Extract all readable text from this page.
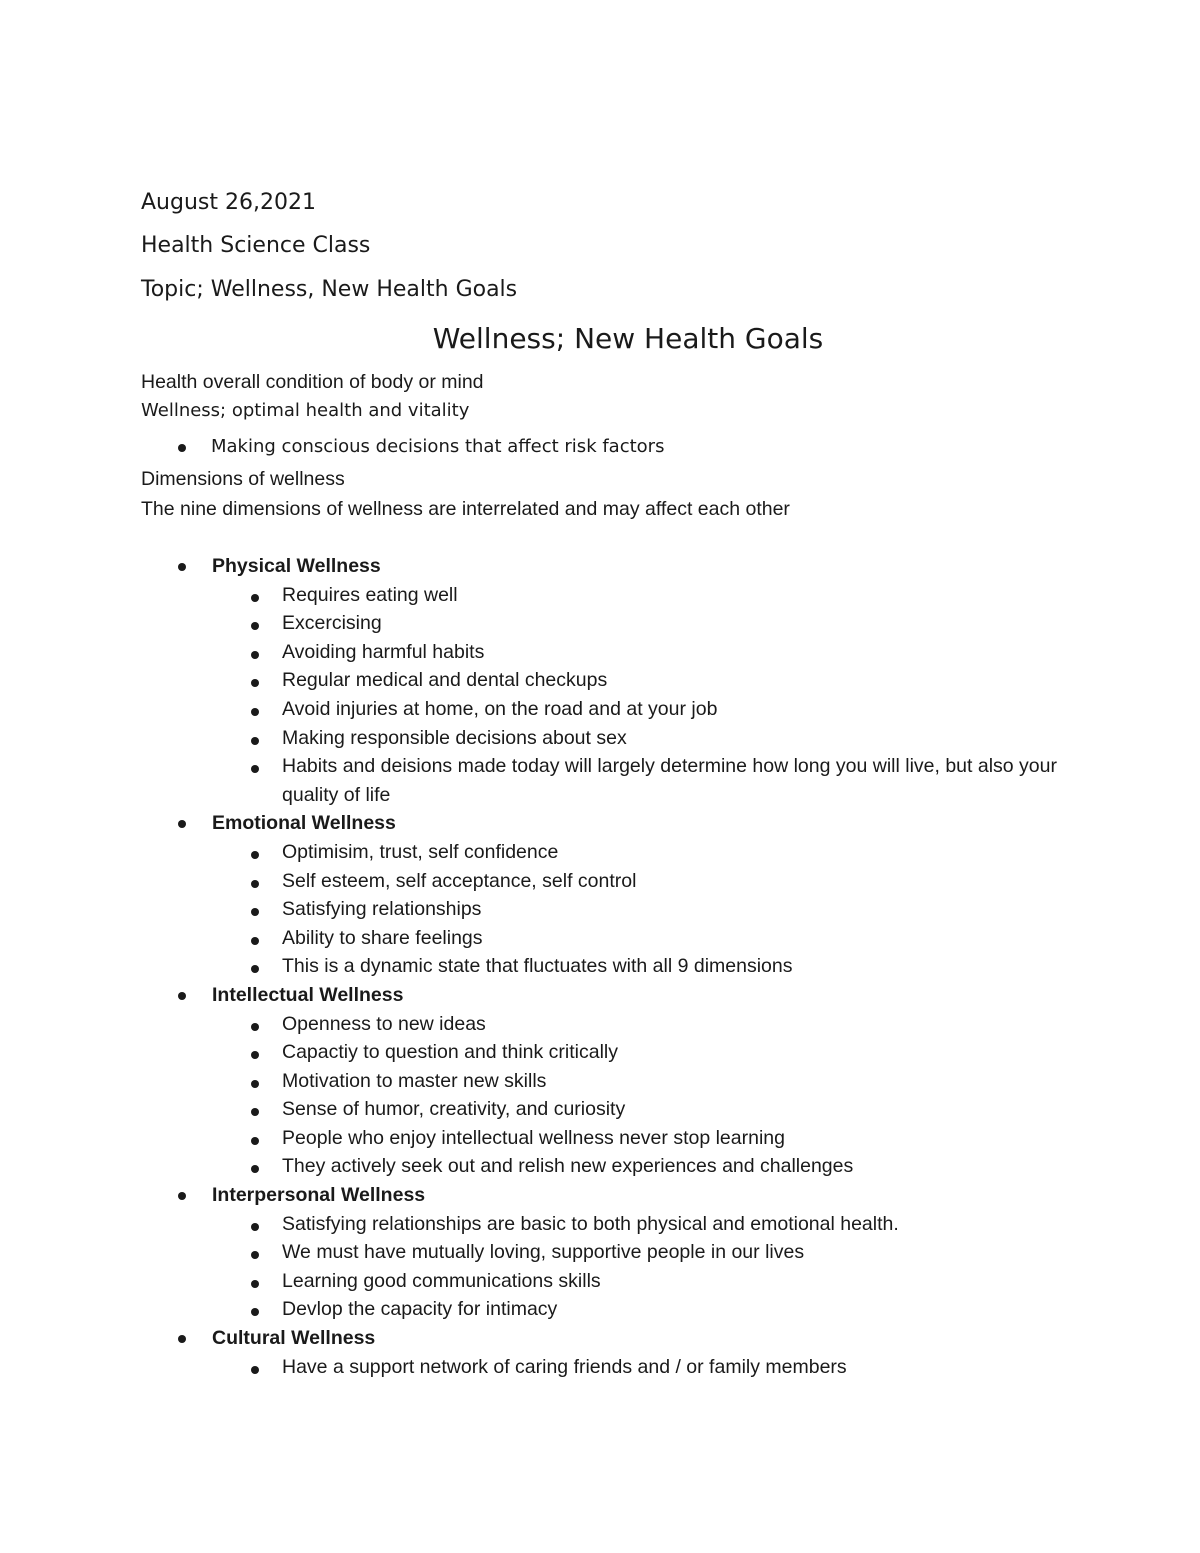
August 26,2021
Health Science Class
Topic; Wellness, New Health Goals
Wellness; New Health Goals
Health overall condition of body or mind
Wellness; optimal health and vitality
Making conscious decisions that affect risk factors
Dimensions of wellness
The nine dimensions of wellness are interrelated and may affect each other
Physical Wellness
Requires eating well
Excercising
Avoiding harmful habits
Regular medical and dental checkups
Avoid injuries at home, on the road and at your job
Making responsible decisions about sex
Habits and deisions made today will largely determine how long you will live, but also your quality of life
Emotional Wellness
Optimisim, trust, self confidence
Self esteem, self acceptance, self control
Satisfying relationships
Ability to share feelings
This is a dynamic state that fluctuates with all 9 dimensions
Intellectual Wellness
Openness to new ideas
Capactiy to question and think critically
Motivation to master new skills
Sense of humor, creativity, and curiosity
People who enjoy intellectual wellness never stop learning
They actively seek out and relish new experiences and challenges
Interpersonal Wellness
Satisfying relationships are basic to both physical and emotional health.
We must have mutually loving, supportive people in our lives
Learning good communications skills
Devlop the capacity for intimacy
Cultural Wellness
Have a support network of caring friends and / or family members
